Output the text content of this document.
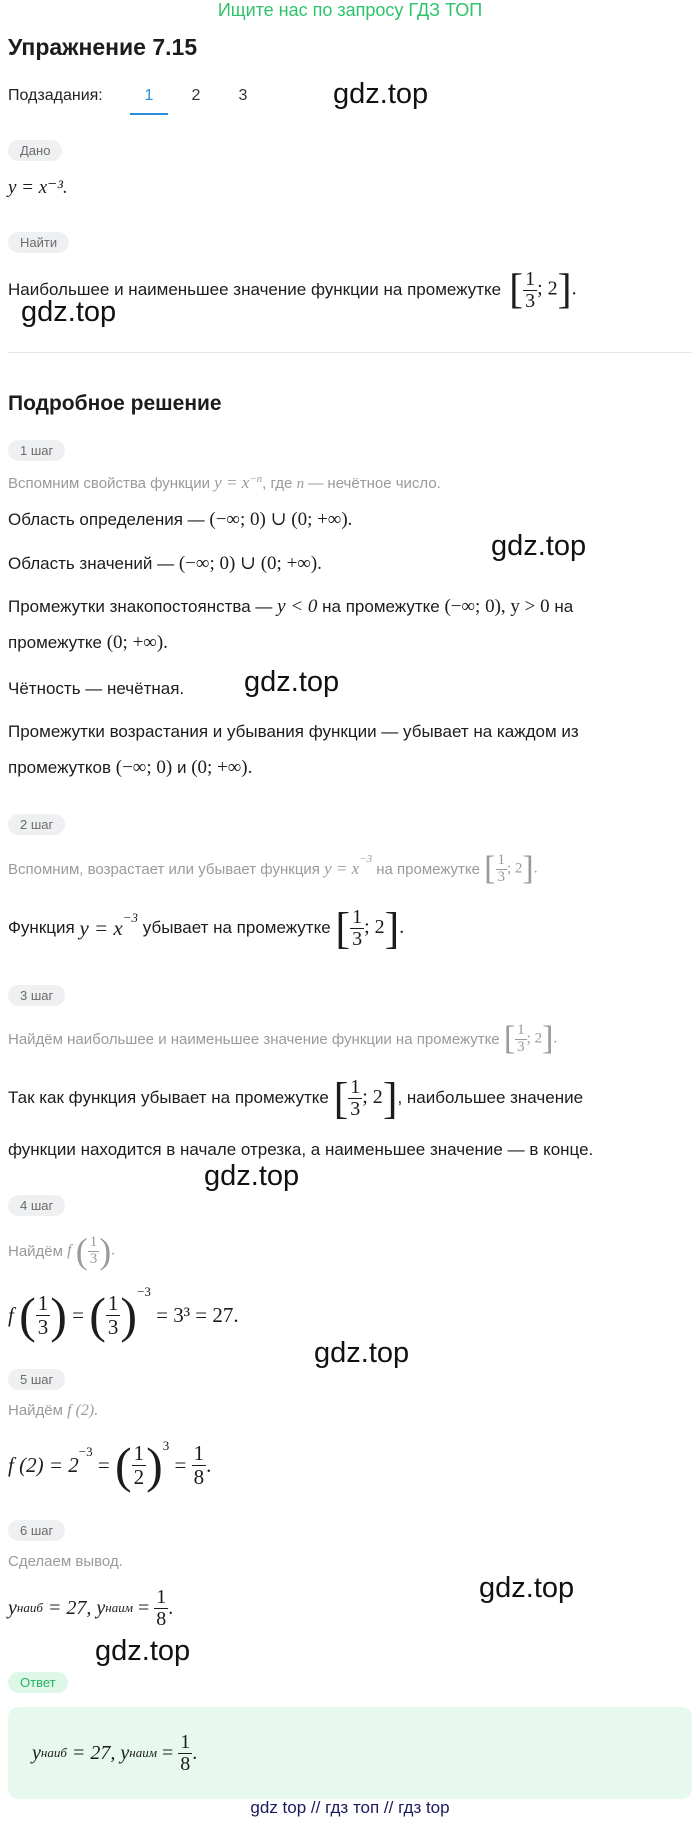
Ищите нас по запросу ГДЗ ТОП
Упражнение 7.15
Подзадания:	1	2	3	gdz.top
gdz.top
gdz.top
gdz.top
gdz.top
gdz.top
gdz.top
gdz.top
Дано
y = x⁻³.
Найти
Наибольшее и наименьшее значение функции на промежутке [ $\frac{1}{3}$ ; 2].
Подробное решение
1 шаг
Вспомним свойства функции $y = x^{-n}$, где n — нечётное число.
Область определения — (−∞; 0) ∪ (0; +∞).
Область значений — (−∞; 0) ∪ (0; +∞).
Промежутки знакопостоянства — y < 0 на промежутке (−∞; 0), y > 0 на
промежутке (0; +∞).
Чётность — нечётная.
Промежутки возрастания и убывания функции — убывает на каждом из
промежутков (−∞; 0) и (0; +∞).
2 шаг
Вспомним, возрастает или убывает функция
$y = x^{-3}$

на промежутке
[ $\frac{1}{3}$ ; 2].
Функция
$y = x^{-3}$

убывает на промежутке
[ $\frac{1}{3}$ ; 2].
3 шаг
Найдём наибольшее и наименьшее значение функции на промежутке
[ $\frac{1}{3}$ ; 2].
Так как функция убывает на промежутке
[ $\frac{1}{3}$ ; 2] , наибольшее значение
функции находится в начале отрезка, а наименьшее значение — в конце.
4 шаг
Найдём
f
( $\frac{1}{3}$ ).
f
( $\frac{1}{3}$ ) = ( $\frac{1}{3} )^{-3}$

= 3³ = 27.
5 шаг
Найдём f (2).
f (2) = 2
$^{-3}$

=
( $\frac{1}{2} )^3$

=
$\frac{1}{8}$ .
6 шаг
Сделаем вывод.
y наиб
= 27, y наим
=
$\frac{1}{8}$ .
Ответ
y наиб
= 27, y наим
=
$\frac{1}{8}$ .
gdz top // гдз топ // гдз top
